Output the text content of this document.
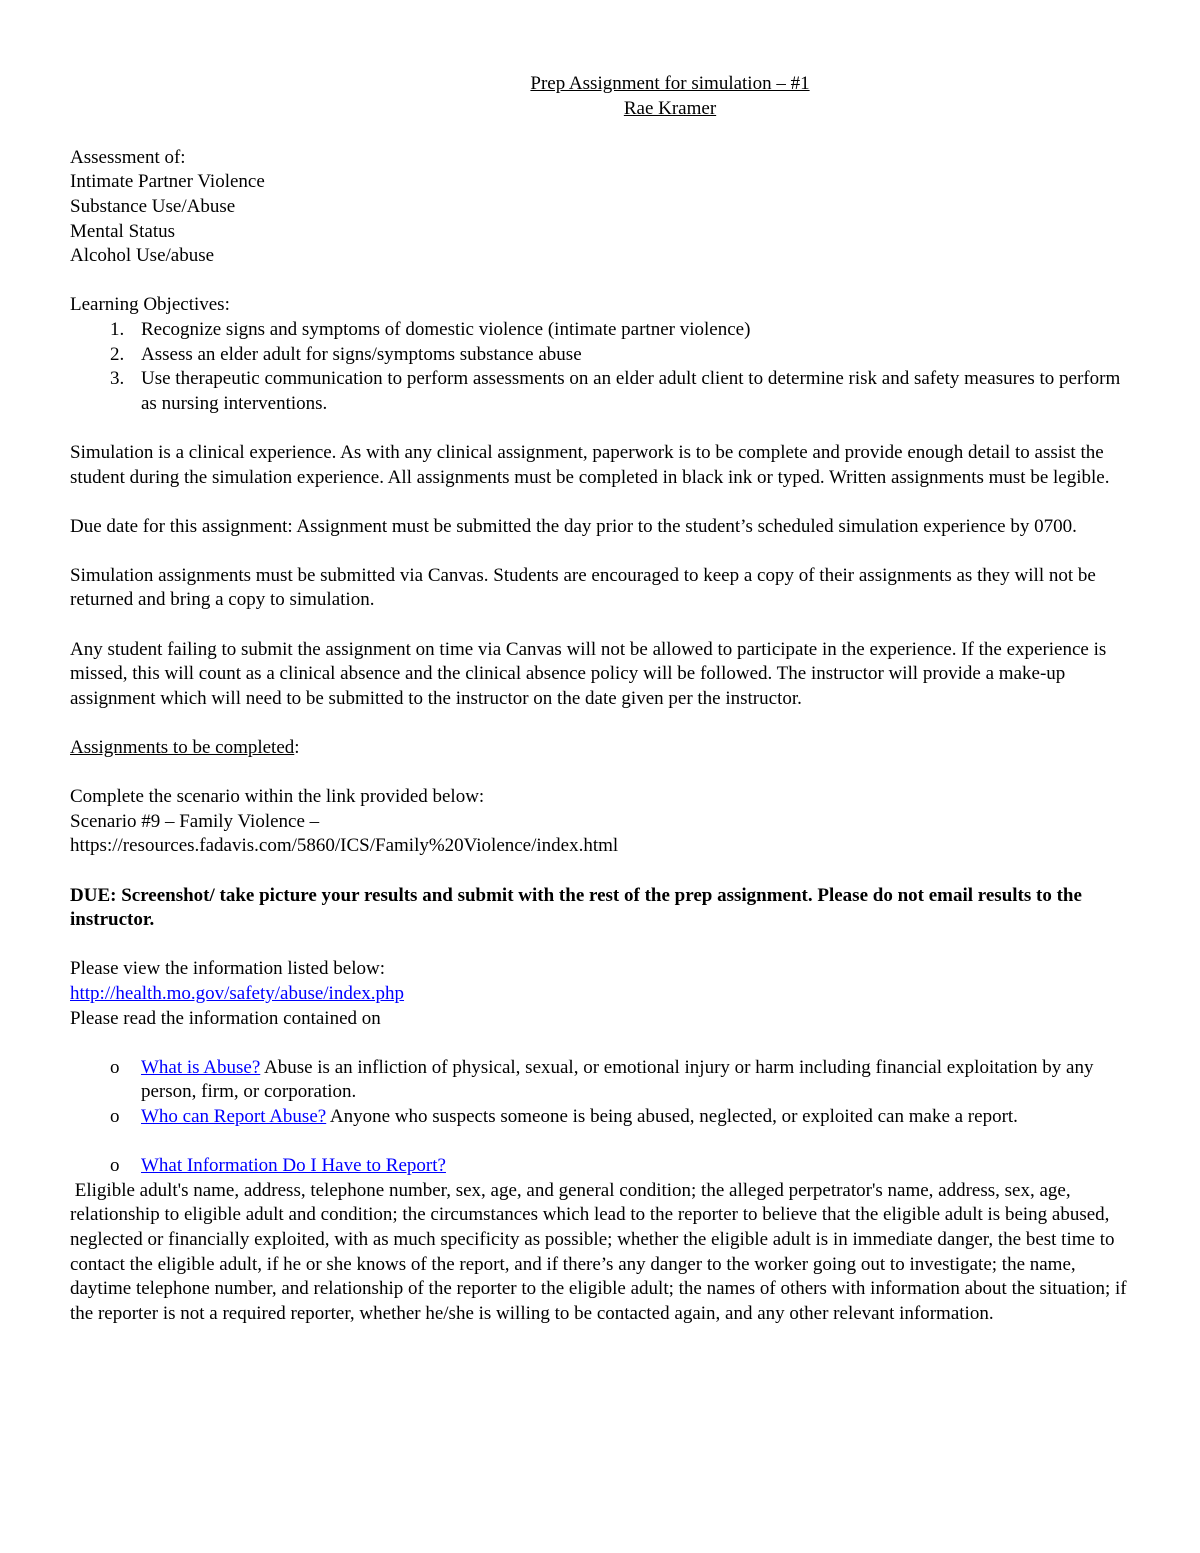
Prep Assignment for simulation – #1
Rae Kramer
Assessment of:
Intimate Partner Violence
Substance Use/Abuse
Mental Status
Alcohol Use/abuse
Learning Objectives:
1. Recognize signs and symptoms of domestic violence (intimate partner violence)
2. Assess an elder adult for signs/symptoms substance abuse
3. Use therapeutic communication to perform assessments on an elder adult client to determine risk and safety measures to perform as nursing interventions.

Simulation is a clinical experience. As with any clinical assignment, paperwork is to be complete and provide enough detail to assist the student during the simulation experience. All assignments must be completed in black ink or typed. Written assignments must be legible.

Due date for this assignment: Assignment must be submitted the day prior to the student’s scheduled simulation experience by 0700.

Simulation assignments must be submitted via Canvas. Students are encouraged to keep a copy of their assignments as they will not be returned and bring a copy to simulation.

Any student failing to submit the assignment on time via Canvas will not be allowed to participate in the experience. If the experience is missed, this will count as a clinical absence and the clinical absence policy will be followed. The instructor will provide a make-up assignment which will need to be submitted to the instructor on the date given per the instructor.

Assignments to be completed:
Complete the scenario within the link provided below:
Scenario #9 – Family Violence –
https://resources.fadavis.com/5860/ICS/Family%20Violence/index.html

DUE: Screenshot/ take picture your results and submit with the rest of the prep assignment. Please do not email results to the instructor.

Please view the information listed below:
http://health.mo.gov/safety/abuse/index.php
Please read the information contained on
o What is Abuse? Abuse is an infliction of physical, sexual, or emotional injury or harm including financial exploitation by any person, firm, or corporation.
o Who can Report Abuse? Anyone who suspects someone is being abused, neglected, or exploited can make a report.
o What Information Do I Have to Report?

Eligible adult's name, address, telephone number, sex, age, and general condition; the alleged perpetrator's name, address, sex, age, relationship to eligible adult and condition; the circumstances which lead to the reporter to believe that the eligible adult is being abused, neglected or financially exploited, with as much specificity as possible; whether the eligible adult is in immediate danger, the best time to contact the eligible adult, if he or she knows of the report, and if there’s any danger to the worker going out to investigate; the name, daytime telephone number, and relationship of the reporter to the eligible adult; the names of others with information about the situation; if the reporter is not a required reporter, whether he/she is willing to be contacted again, and any other relevant information.
